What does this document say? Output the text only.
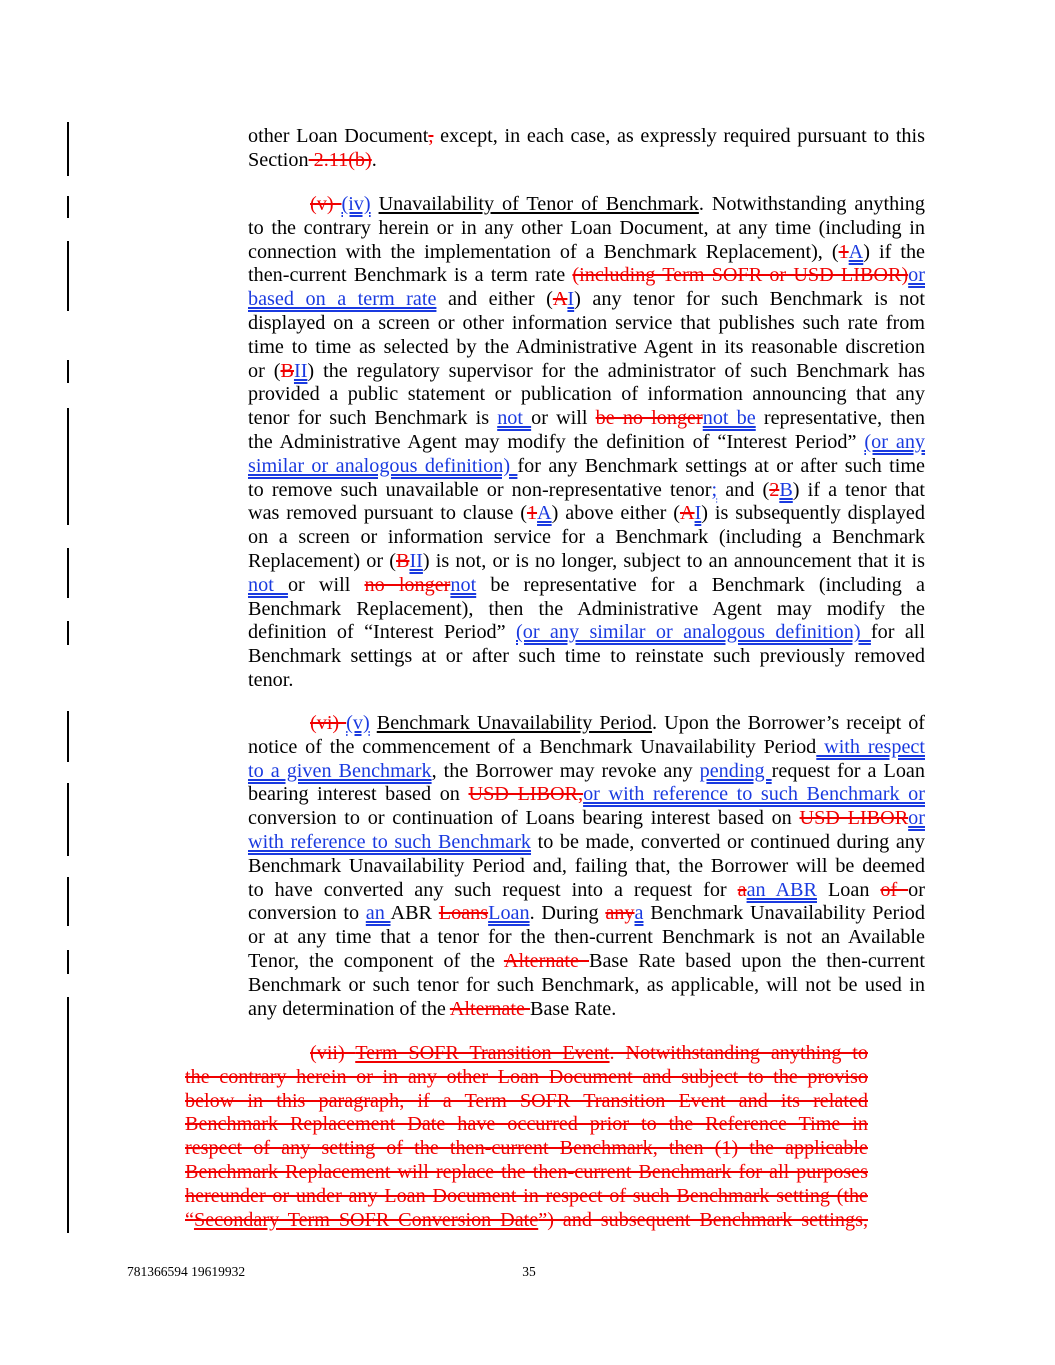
other Loan Document, except, in each case, as expressly required pursuant to this
Section 2.11(b).
(v) (iv) Unavailability of Tenor of Benchmark. Notwithstanding anything
to the contrary herein or in any other Loan Document, at any time (including in
connection with the implementation of a Benchmark Replacement), (1A) if the
then-current Benchmark is a term rate (including Term SOFR or USD LIBOR)or
based on a term rate and either (AI) any tenor for such Benchmark is not
displayed on a screen or other information service that publishes such rate from
time to time as selected by the Administrative Agent in its reasonable discretion
or (BII) the regulatory supervisor for the administrator of such Benchmark has
provided a public statement or publication of information announcing that any
tenor for such Benchmark is not or will be no longernot be representative, then
the Administrative Agent may modify the definition of “Interest Period” (or any
similar or analogous definition) for any Benchmark settings at or after such time
to remove such unavailable or non-representative tenor; and (2B) if a tenor that
was removed pursuant to clause (1A) above either (AI) is subsequently displayed
on a screen or information service for a Benchmark (including a Benchmark
Replacement) or (BII) is not, or is no longer, subject to an announcement that it is
not or will no longernot be representative for a Benchmark (including a
Benchmark Replacement), then the Administrative Agent may modify the
definition of “Interest Period” (or any similar or analogous definition) for all
Benchmark settings at or after such time to reinstate such previously removed
tenor.
(vi) (v) Benchmark Unavailability Period. Upon the Borrower’s receipt of
notice of the commencement of a Benchmark Unavailability Period with respect
to a given Benchmark, the Borrower may revoke any pending request for a Loan
bearing interest based on USD LIBOR,or with reference to such Benchmark or
conversion to or continuation of Loans bearing interest based on USD LIBORor
with reference to such Benchmark to be made, converted or continued during any
Benchmark Unavailability Period and, failing that, the Borrower will be deemed
to have converted any such request into a request for aan ABR Loan of or
conversion to an ABR LoansLoan. During anya Benchmark Unavailability Period
or at any time that a tenor for the then-current Benchmark is not an Available
Tenor, the component of the Alternate Base Rate based upon the then-current
Benchmark or such tenor for such Benchmark, as applicable, will not be used in
any determination of the Alternate Base Rate.
(vii) Term SOFR Transition Event. Notwithstanding anything to
the contrary herein or in any other Loan Document and subject to the proviso
below in this paragraph, if a Term SOFR Transition Event and its related
Benchmark Replacement Date have occurred prior to the Reference Time in
respect of any setting of the then-current Benchmark, then (1) the applicable
Benchmark Replacement will replace the then-current Benchmark for all purposes
hereunder or under any Loan Document in respect of such Benchmark setting (the
“Secondary Term SOFR Conversion Date”) and subsequent Benchmark settings,
781366594 19619932	35
